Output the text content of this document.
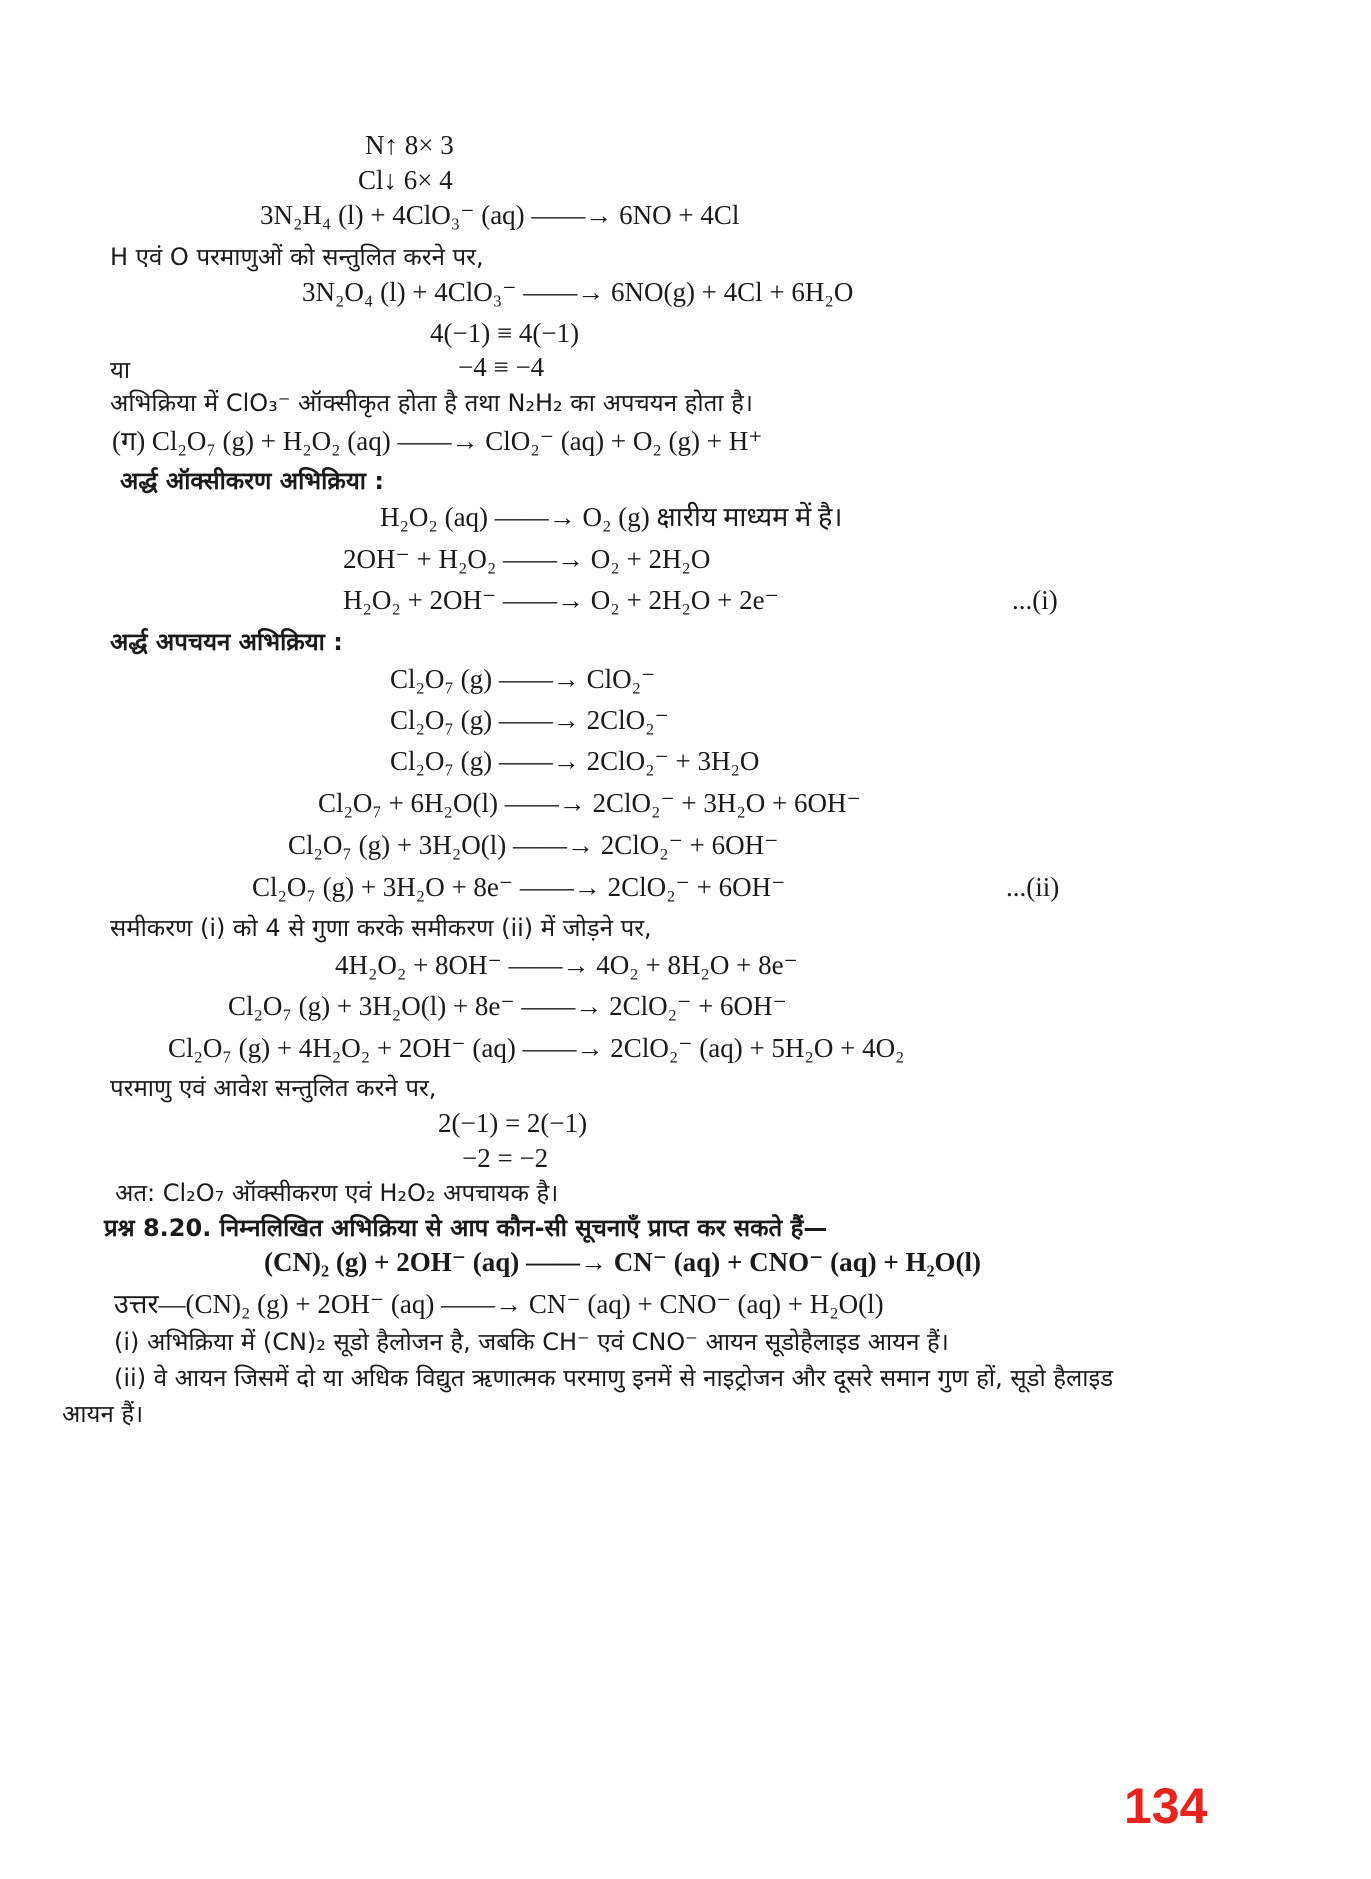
N↑ 8× 3
Cl↓ 6× 4
3N₂H₄ (l) + 4ClO₃⁻ (aq) ——→ 6NO + 4Cl
H एवं O परमाणुओं को सन्तुलित करने पर,
3N₂O₄ (l) + 4ClO₃⁻ ——→ 6NO(g) + 4Cl + 6H₂O
4(−1) ≡ 4(−1)
या	−4 ≡ −4
अभिक्रिया में ClO₃⁻ ऑक्सीकृत होता है तथा N₂H₂ का अपचयन होता है।
(ग) Cl₂O₇ (g) + H₂O₂ (aq) ——→ ClO₂⁻ (aq) + O₂ (g) + H⁺
अर्द्ध ऑक्सीकरण अभिक्रिया :
H₂O₂ (aq) ——→ O₂ (g) क्षारीय माध्यम में है।
2OH⁻ + H₂O₂ ——→ O₂ + 2H₂O
H₂O₂ + 2OH⁻ ——→ O₂ + 2H₂O + 2e⁻	...(i)
अर्द्ध अपचयन अभिक्रिया :
Cl₂O₇ (g) ——→ ClO₂⁻
Cl₂O₇ (g) ——→ 2ClO₂⁻
Cl₂O₇ (g) ——→ 2ClO₂⁻ + 3H₂O
Cl₂O₇ + 6H₂O(l) ——→ 2ClO₂⁻ + 3H₂O + 6OH⁻
Cl₂O₇ (g) + 3H₂O(l) ——→ 2ClO₂⁻ + 6OH⁻
Cl₂O₇ (g) + 3H₂O + 8e⁻ ——→ 2ClO₂⁻ + 6OH⁻	...(ii)
समीकरण (i) को 4 से गुणा करके समीकरण (ii) में जोड़ने पर,
4H₂O₂ + 8OH⁻ ——→ 4O₂ + 8H₂O + 8e⁻
Cl₂O₇ (g) + 3H₂O(l) + 8e⁻ ——→ 2ClO₂⁻ + 6OH⁻
Cl₂O₇ (g) + 4H₂O₂ + 2OH⁻ (aq) ——→ 2ClO₂⁻ (aq) + 5H₂O + 4O₂
परमाणु एवं आवेश सन्तुलित करने पर,
2(−1) = 2(−1)
−2 = −2
अत: Cl₂O₇ ऑक्सीकरण एवं H₂O₂ अपचायक है।
प्रश्न 8.20. निम्नलिखित अभिक्रिया से आप कौन-सी सूचनाएँ प्राप्त कर सकते हैं—
(CN)₂ (g) + 2OH⁻ (aq) ——→ CN⁻ (aq) + CNO⁻ (aq) + H₂O(l)
उत्तर—(CN)₂ (g) + 2OH⁻ (aq) ——→ CN⁻ (aq) + CNO⁻ (aq) + H₂O(l)
(i) अभिक्रिया में (CN)₂ सूडो हैलोजन है, जबकि CH⁻ एवं CNO⁻ आयन सूडोहैलाइड आयन हैं।
(ii) वे आयन जिसमें दो या अधिक विद्युत ऋणात्मक परमाणु इनमें से नाइट्रोजन और दूसरे समान गुण हों, सूडो हैलाइड
आयन हैं।
134
